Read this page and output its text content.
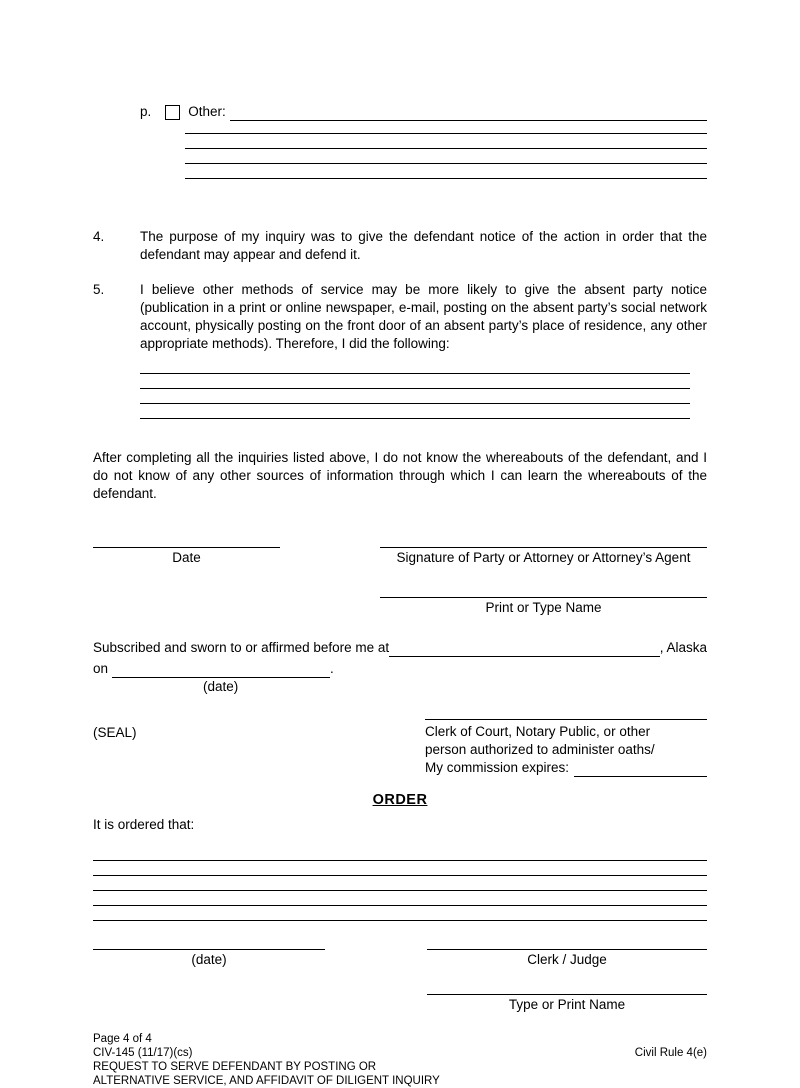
p.	Other:
4.	The purpose of my inquiry was to give the defendant notice of the action in order that the defendant may appear and defend it.
5.	I believe other methods of service may be more likely to give the absent party notice (publication in a print or online newspaper, e-mail, posting on the absent party’s social network account, physically posting on the front door of an absent party’s place of residence, any other appropriate methods). Therefore, I did the following:
After completing all the inquiries listed above, I do not know the whereabouts of the defendant, and I do not know of any other sources of information through which I can learn the whereabouts of the defendant.
Date	Signature of Party or Attorney or Attorney’s Agent
Print or Type Name
Subscribed and sworn to or affirmed before me at	, Alaska
on	.
(date)
(SEAL)	Clerk of Court, Notary Public, or other
person authorized to administer oaths/
My commission expires:
ORDER
It is ordered that:
(date)	Clerk / Judge
Type or Print Name
Page 4 of 4
CIV-145 (11/17)(cs)	Civil Rule 4(e)
REQUEST TO SERVE DEFENDANT BY POSTING OR
ALTERNATIVE SERVICE, AND AFFIDAVIT OF DILIGENT INQUIRY
